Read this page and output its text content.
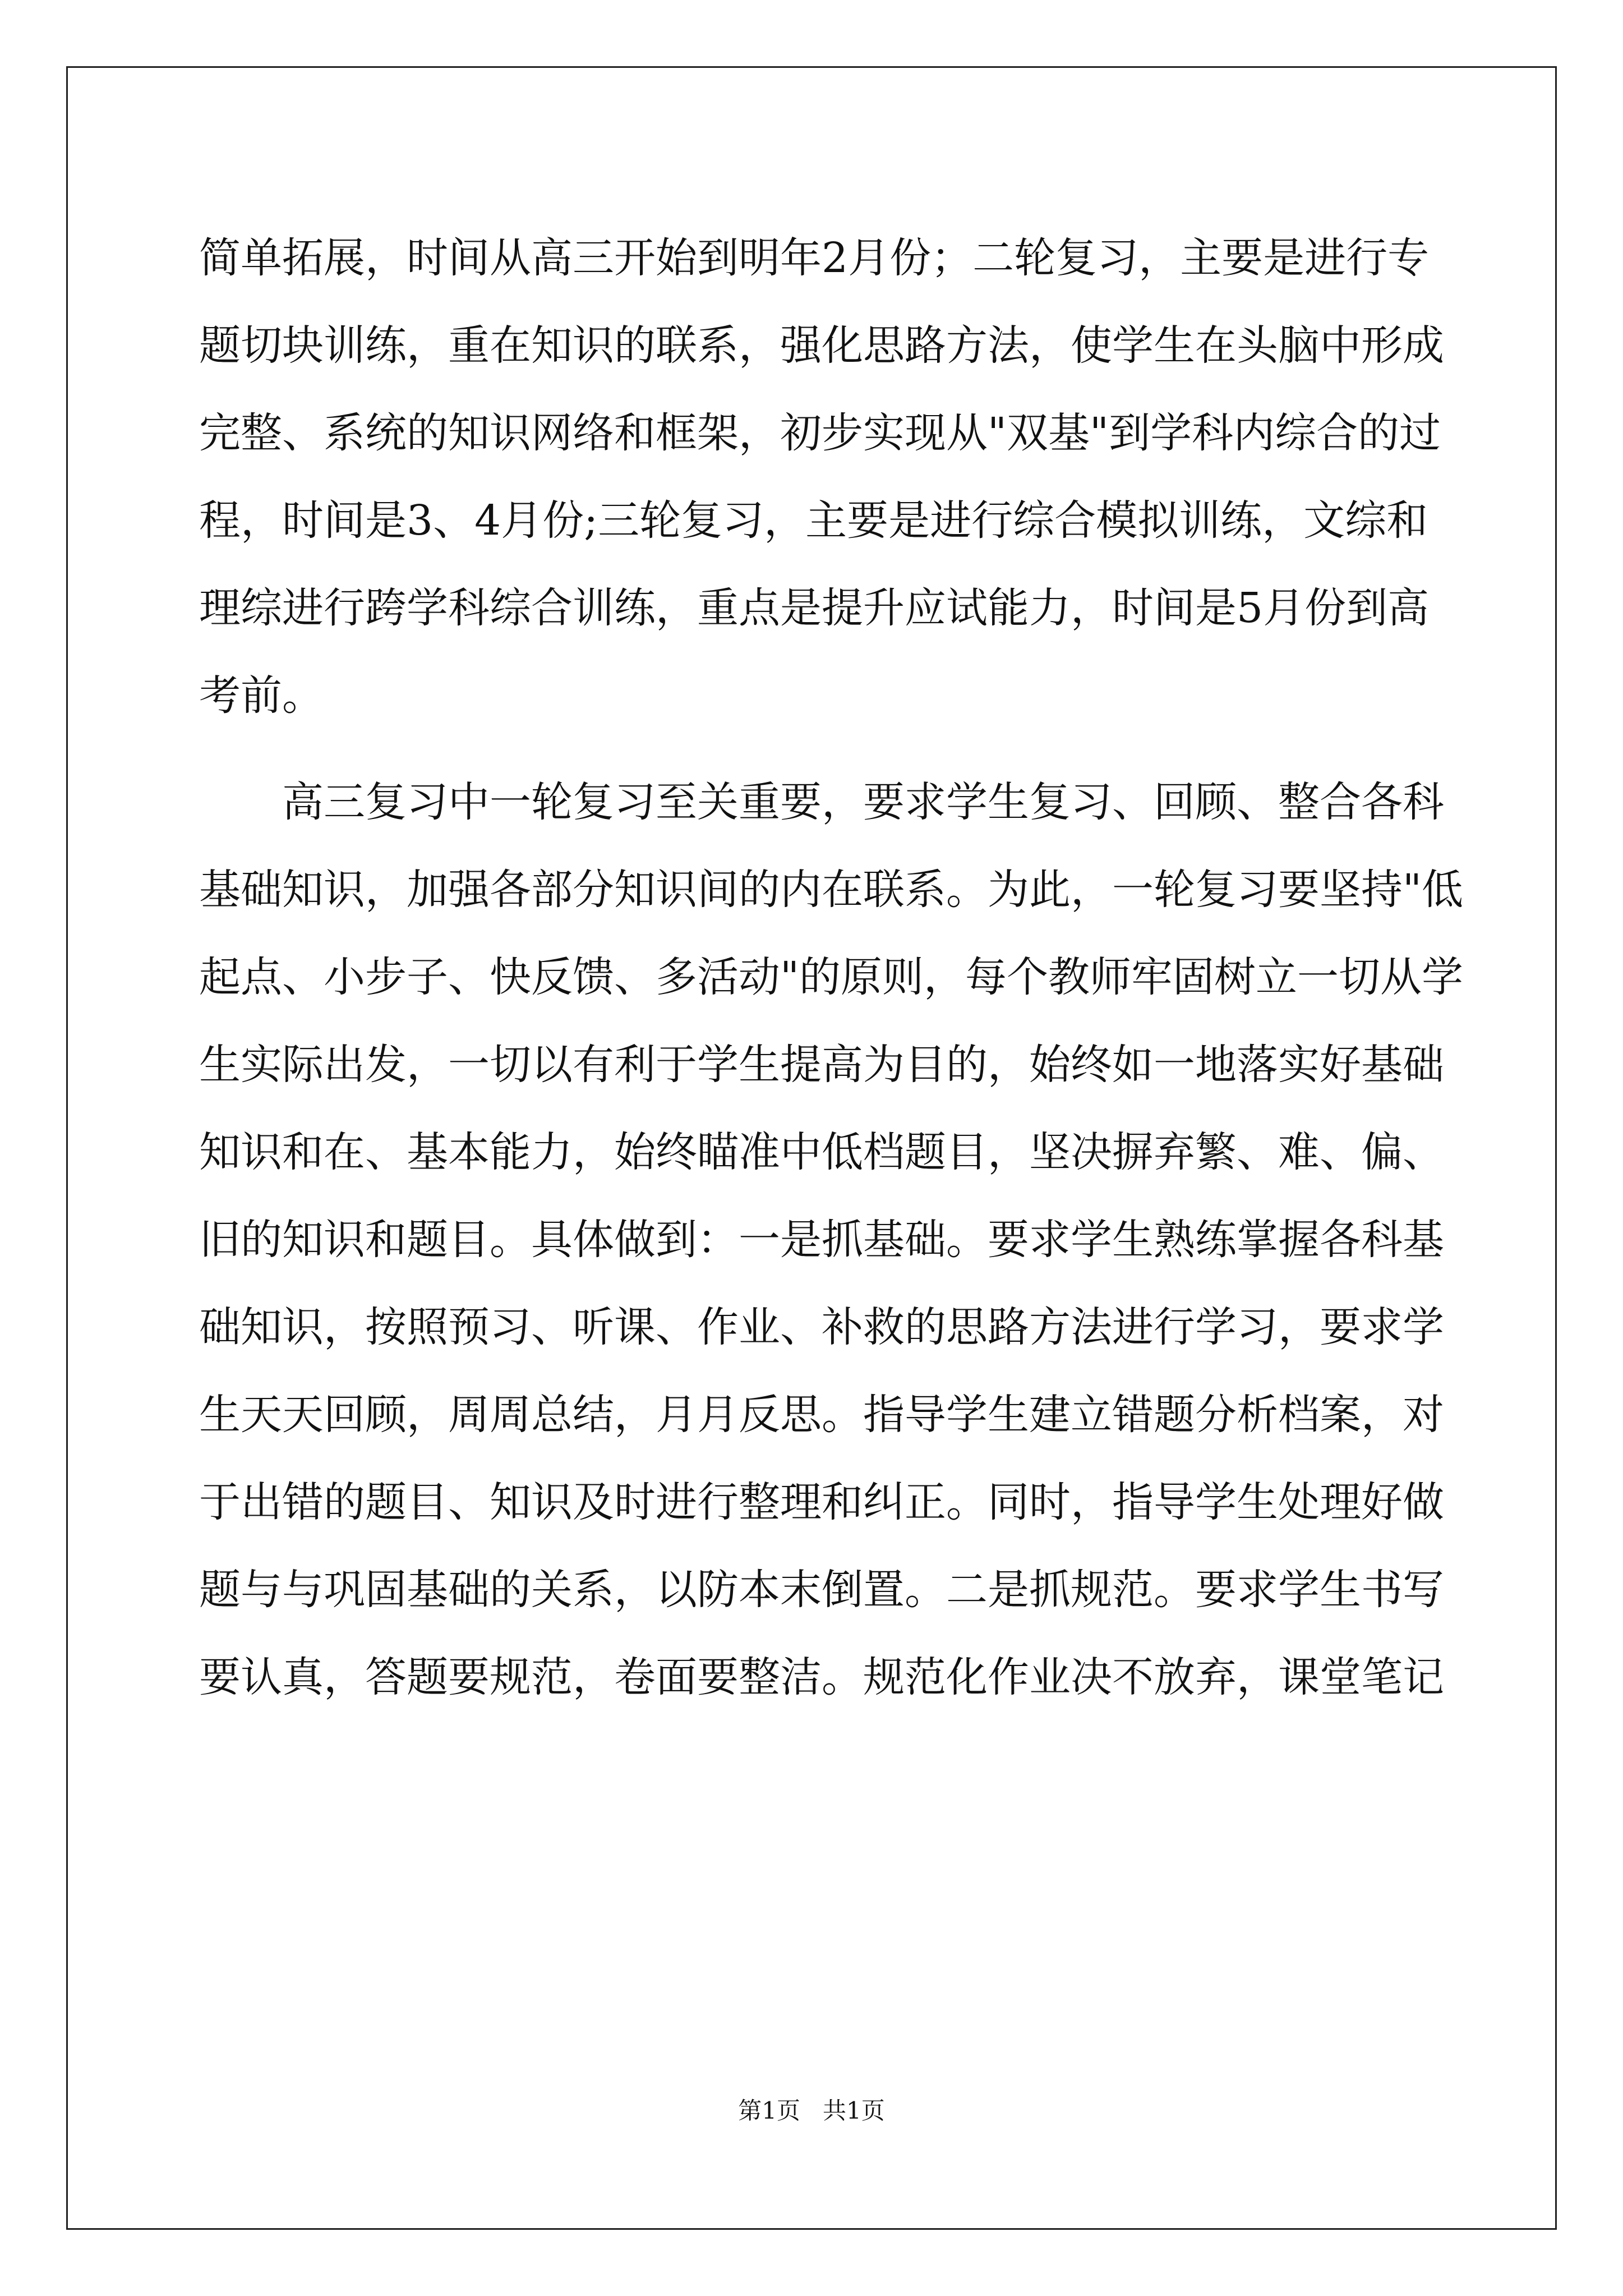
简单拓展，时间从高三开始到明年2月份；二轮复习，主要是进行专
题切块训练，重在知识的联系，强化思路方法，使学生在头脑中形成
完整、系统的知识网络和框架，初步实现从"双基"到学科内综合的过
程，时间是3、4月份;三轮复习，主要是进行综合模拟训练，文综和
理综进行跨学科综合训练，重点是提升应试能力，时间是5月份到高
考前。
高三复习中一轮复习至关重要，要求学生复习、回顾、整合各科
基础知识，加强各部分知识间的内在联系。为此，一轮复习要坚持"低
起点、小步子、快反馈、多活动"的原则，每个教师牢固树立一切从学
生实际出发，一切以有利于学生提高为目的，始终如一地落实好基础
知识和在、基本能力，始终瞄准中低档题目，坚决摒弃繁、难、偏、
旧的知识和题目。具体做到：一是抓基础。要求学生熟练掌握各科基
础知识，按照预习、听课、作业、补救的思路方法进行学习，要求学
生天天回顾，周周总结，月月反思。指导学生建立错题分析档案，对
于出错的题目、知识及时进行整理和纠正。同时，指导学生处理好做
题与与巩固基础的关系，以防本末倒置。二是抓规范。要求学生书写
要认真，答题要规范，卷面要整洁。规范化作业决不放弃，课堂笔记
第1页   共1页
